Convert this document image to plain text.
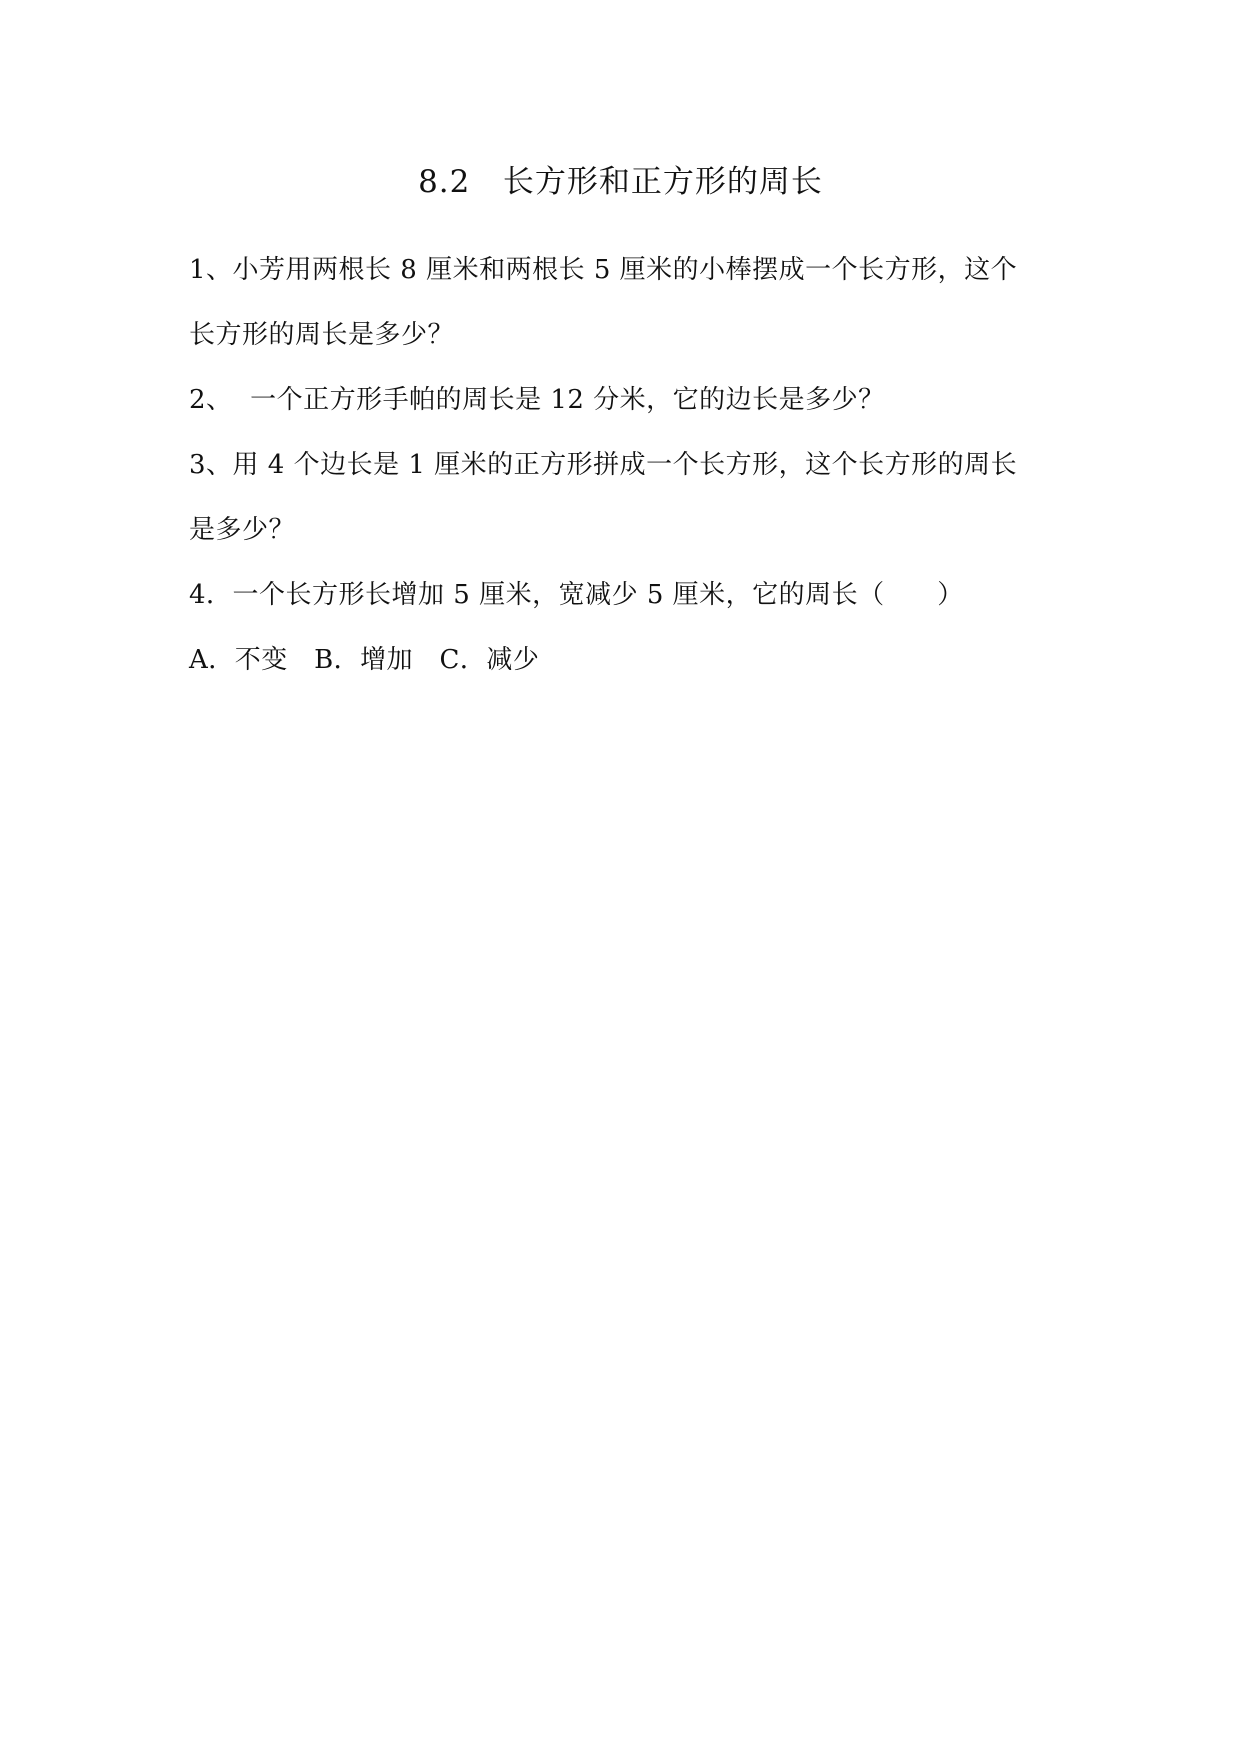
8.2   长方形和正方形的周长
1、小芳用两根长 8 厘米和两根长 5 厘米的小棒摆成一个长方形，这个
长方形的周长是多少？
2、  一个正方形手帕的周长是 12 分米，它的边长是多少？
3、用 4 个边长是 1 厘米的正方形拼成一个长方形，这个长方形的周长
是多少？
4．一个长方形长增加 5 厘米，宽减少 5 厘米，它的周长（      ）
A．不变   B．增加   C．减少
